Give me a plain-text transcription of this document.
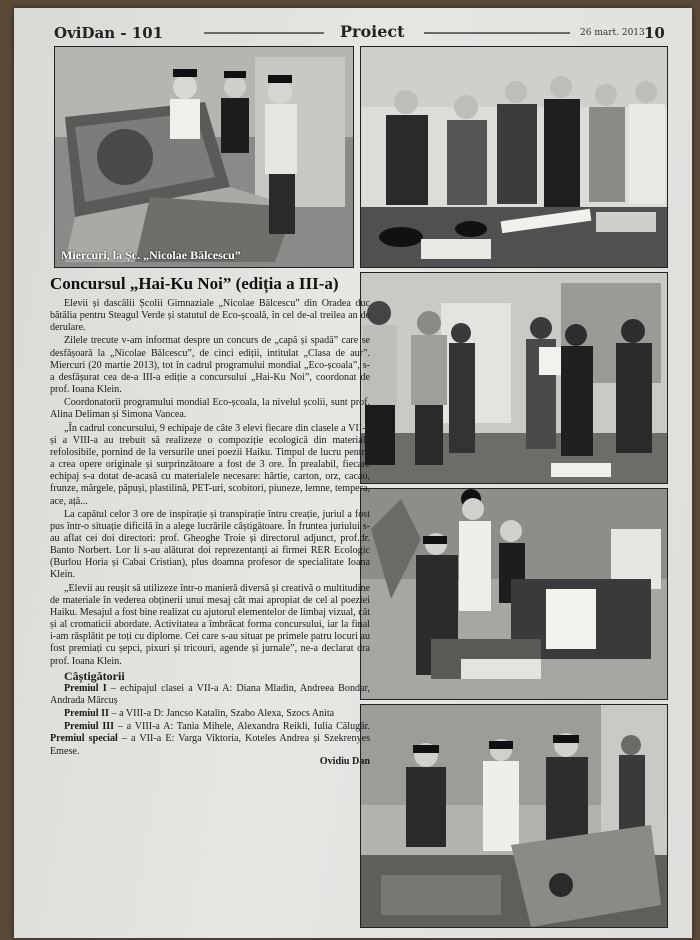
OviDan - 101	Proiect	26 mart. 2013 10
Miercuri, la Șc. „Nicolae Bălcescu”
Concursul „Hai-Ku Noi” (ediția a III-a)

Elevii și dascălii Școlii Gimnaziale „Nicolae Bălcescu” din Oradea duc bătălia pentru Steagul Verde și statutul de Eco-școală, în cel de-al treilea an de derulare.

Zilele trecute v-am informat despre un concurs de „capă și spadă” care se desfășoară la „Nicolae Bălcescu”, de cinci ediții, intitulat „Clasa de aur”. Miercuri (20 martie 2013), tot în cadrul programului mondial „Eco-școala”, s-a desfășurat cea de-a III-a ediție a concursului „Hai-Ku Noi”, coordonat de prof. Ioana Klein.

Coordonatorii programului mondial Eco-școala, la nivelul școlii, sunt prof. Alina Deliman și Simona Vancea.

„În cadrul concursului, 9 echipaje de câte 3 elevi fiecare din clasele a VII-a și a VIII-a au trebuit să realizeze o compoziție ecologică din materiale refolosibile, pornind de la versurile unei poezii Haiku. Timpul de lucru pentru a crea opere originale și surprinzătoare a fost de 3 ore. În prealabil, fiecare echipaj s-a dotat de-acasă cu materialele necesare: hârtie, carton, orz, cacao, frunze, mărgele, păpuși, plastilină, PET-uri, scobitori, piuneze, lemne, tempera, ace, ață...

La capătul celor 3 ore de inspirație și transpirație întru creație, juriul a fost pus într-o situație dificilă în a alege lucrările câștigătoare. În fruntea juriului s-au aflat cei doi directori: prof. Gheoghe Troie și directorul adjunct, prof.dr. Banto Norbert. Lor li s-au alăturat doi reprezentanți ai firmei RER Ecologic (Burlou Horia și Cabai Cristian), plus doamna profesor de specialitate Ioana Klein.

„Elevii au reușit să utilizeze într-o manieră diversă și creativă o multitudine de materiale în vederea obținerii unui mesaj cât mai apropiat de cel al poeziei Haiku. Mesajul a fost bine realizat cu ajutorul elementelor de limbaj vizual, cât și al cromaticii abordate. Activitatea a îmbrăcat forma concursului, iar la final i-am răsplătit pe toți cu diplome. Cei care s-au situat pe primele patru locuri au fost premiați cu șepci, pixuri și tricouri, agende și jurnale”, ne-a declarat dra prof. Ioana Klein.

Câștigătorii

Premiul I – echipajul clasei a VII-a A: Diana Mladin, Andreea Bondar, Andrada Mărcuș

Premiul II – a VIII-a D: Jancso Katalin, Szabo Alexa, Szocs Anita

Premiul III – a VIII-a A: Tania Mihele, Alexandra Reikli, Iulia Călugăr. Premiul special – a VII-a E: Varga Viktoria, Koteles Andrea și Szekrenyes Emese.

Ovidiu Dan
